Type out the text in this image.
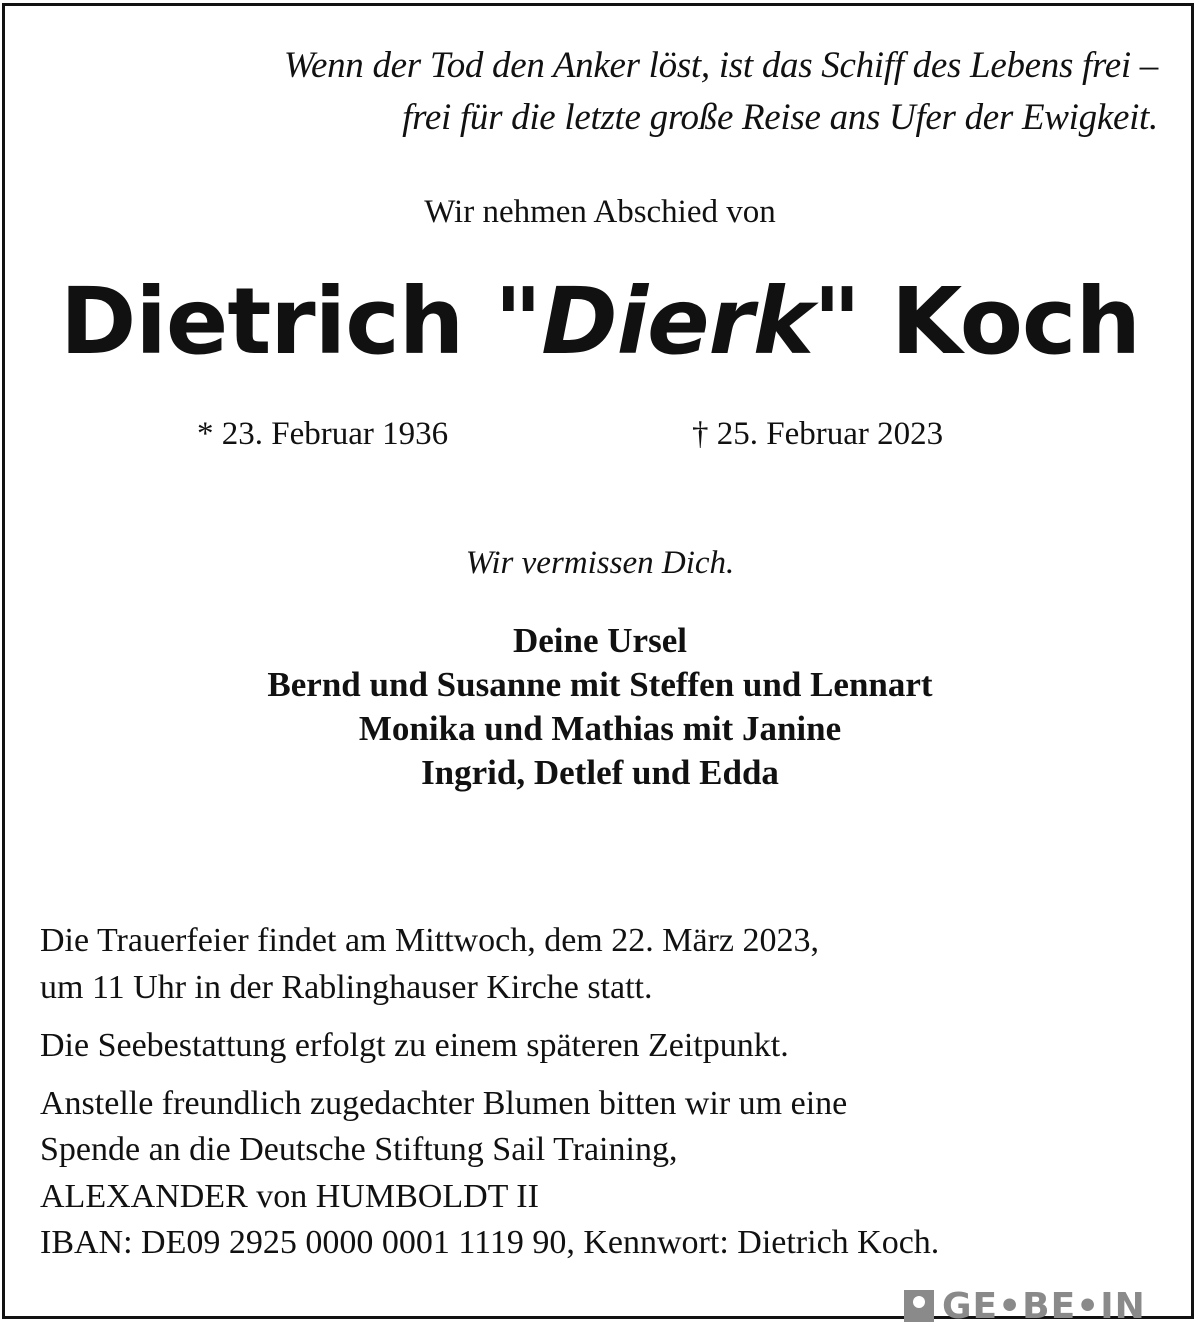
Wenn der Tod den Anker löst, ist das Schiff des Lebens frei –

frei für die letzte große Reise ans Ufer der Ewigkeit.

Wir nehmen Abschied von

Dietrich "Dierk" Koch

* 23. Februar 1936	† 25. Februar 2023

Wir vermissen Dich.

Deine Ursel
Bernd und Susanne mit Steffen und Lennart
Monika und Mathias mit Janine
Ingrid, Detlef und Edda

Die Trauerfeier findet am Mittwoch, dem 22. März 2023,

um 11 Uhr in der Rablinghauser Kirche statt.

Die Seebestattung erfolgt zu einem späteren Zeitpunkt.

Anstelle freundlich zugedachter Blumen bitten wir um eine

Spende an die Deutsche Stiftung Sail Training,

ALEXANDER von HUMBOLDT II

IBAN: DE09 2925 0000 0001 1119 90, Kennwort: Dietrich Koch.

GE•BE•IN
